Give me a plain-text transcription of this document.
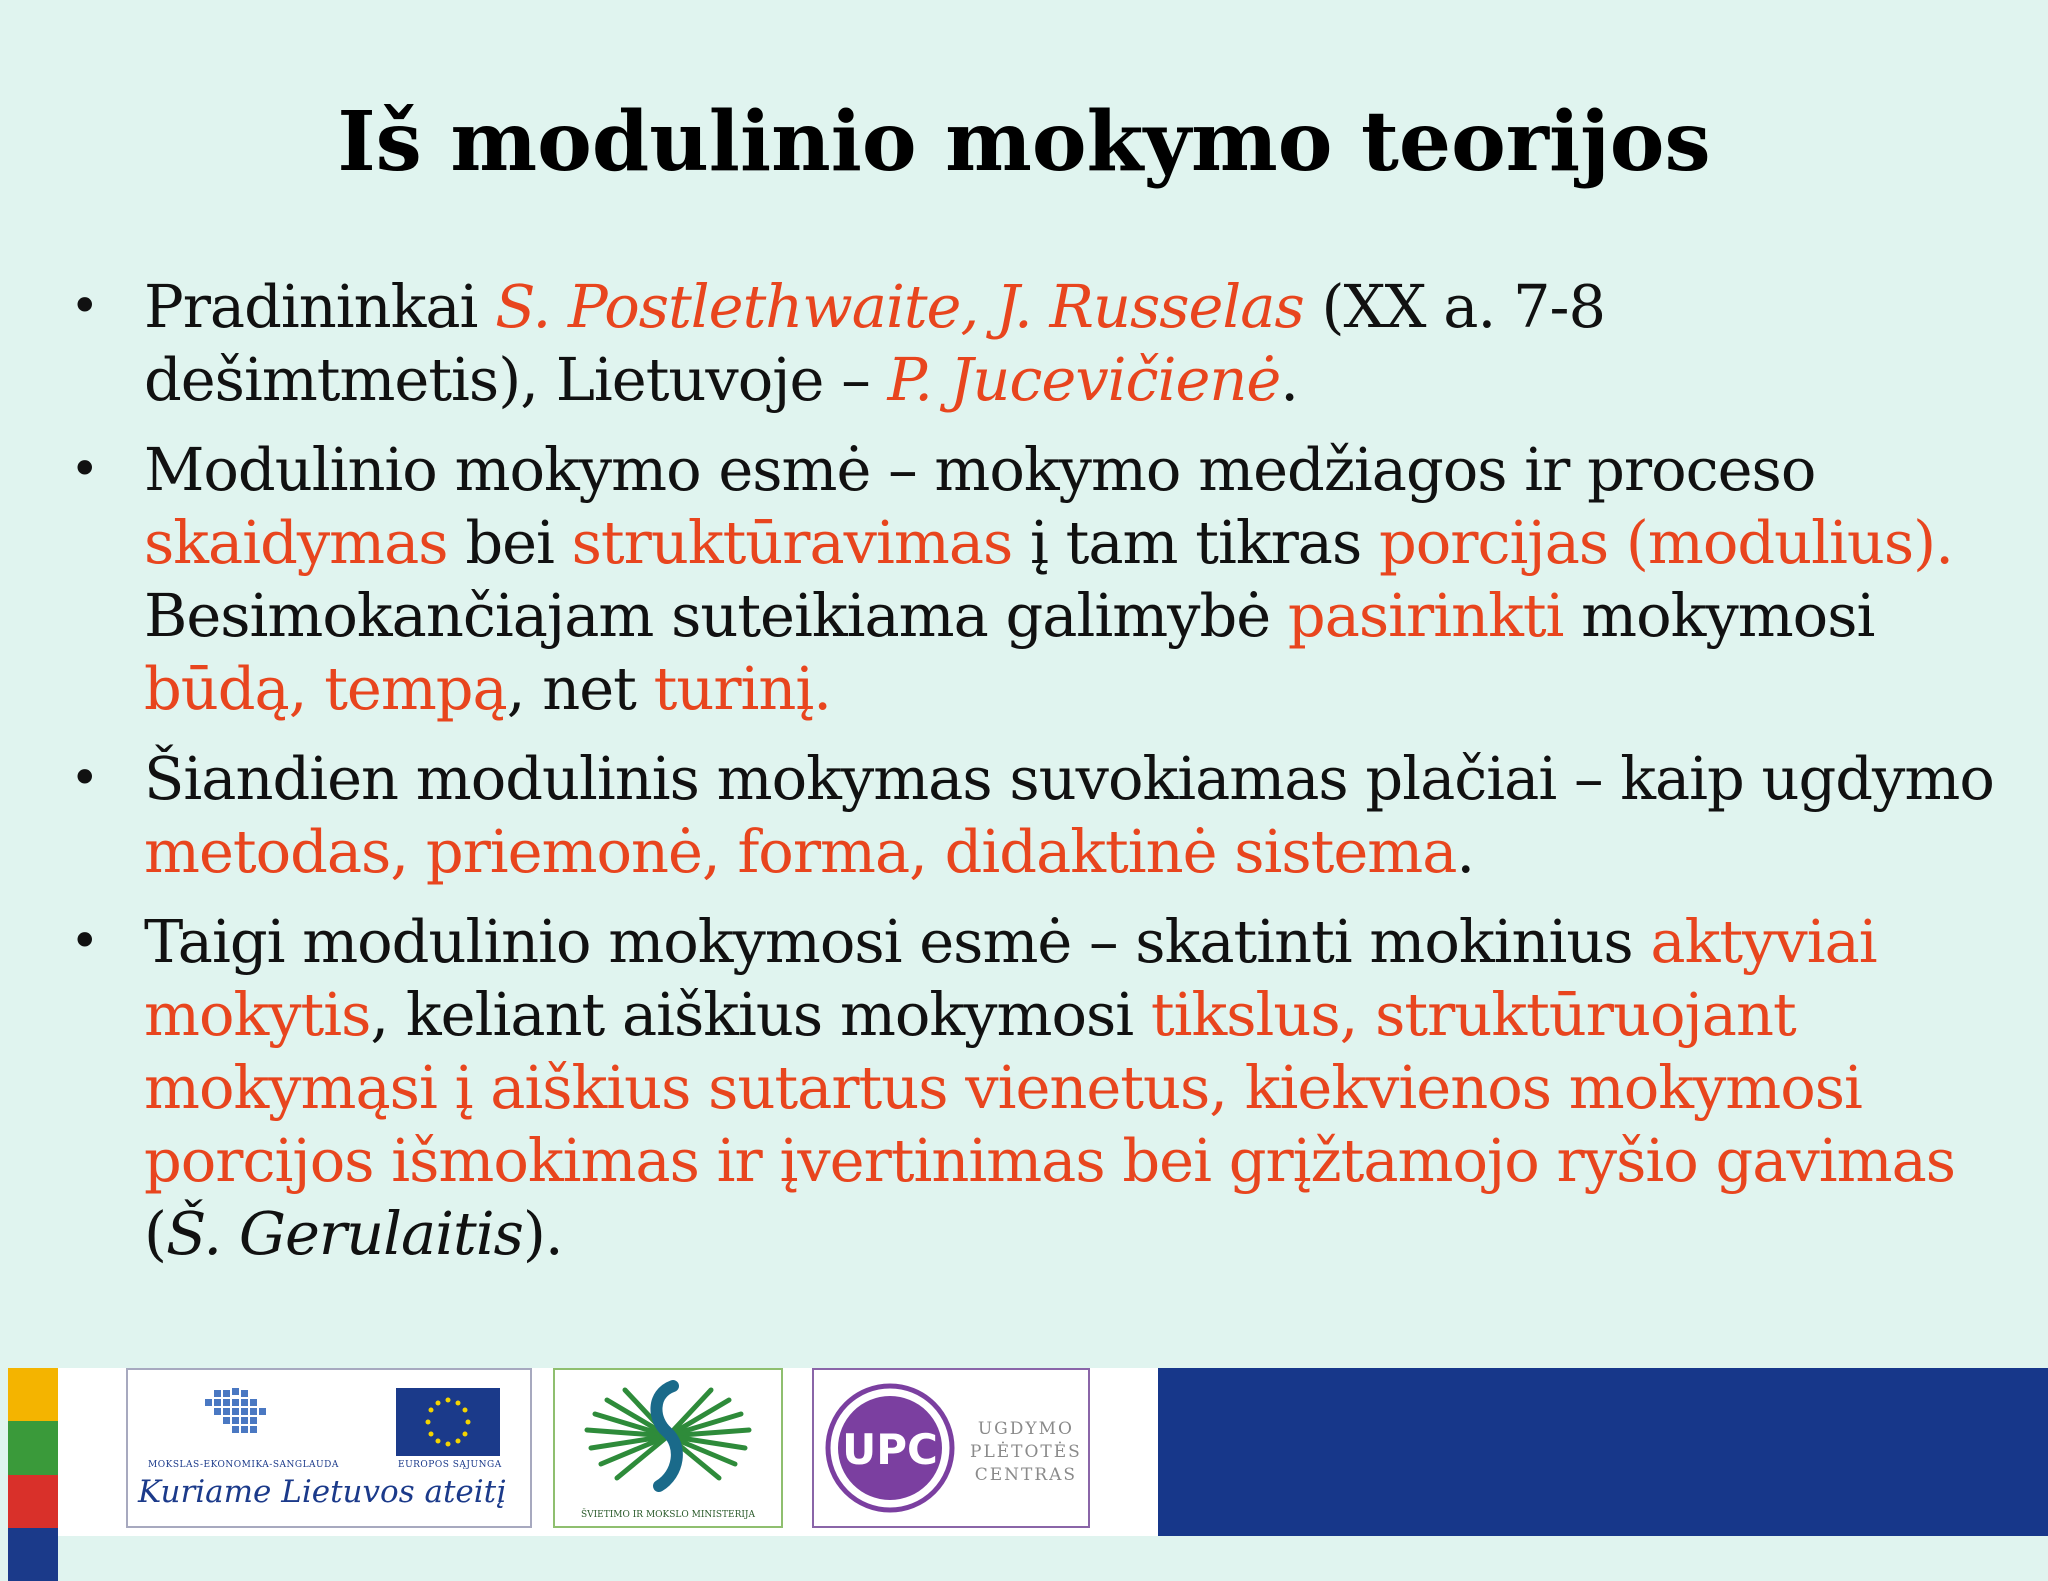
Iš modulinio mokymo teorijos
• Pradininkai S. Postlethwaite, J. Russelas (XX a. 7-8 dešimtmetis), Lietuvoje – P. Jucevičienė.
• Modulinio mokymo esmė – mokymo medžiagos ir proceso skaidymas bei struktūravimas į tam tikras porcijas (modulius). Besimokančiajam suteikiama galimybė pasirinkti mokymosi būdą, tempą, net turinį.
• Šiandien modulinis mokymas suvokiamas plačiai – kaip ugdymo metodas, priemonė, forma, didaktinė sistema.
• Taigi modulinio mokymosi esmė – skatinti mokinius aktyviai mokytis, keliant aiškius mokymosi tikslus, struktūruojant mokymąsi į aiškius sutartus vienetus, kiekvienos mokymosi porcijos išmokimas ir įvertinimas bei grįžtamojo ryšio gavimas (Š. Gerulaitis).
MOKSLAS-EKONOMIKA-SANGLAUDA	EUROPOS SĄJUNGA
Kuriame Lietuvos ateitį
ŠVIETIMO IR MOKSLO MINISTERIJA
UPC	UGDYMO
PLĖTOTĖS
CENTRAS
